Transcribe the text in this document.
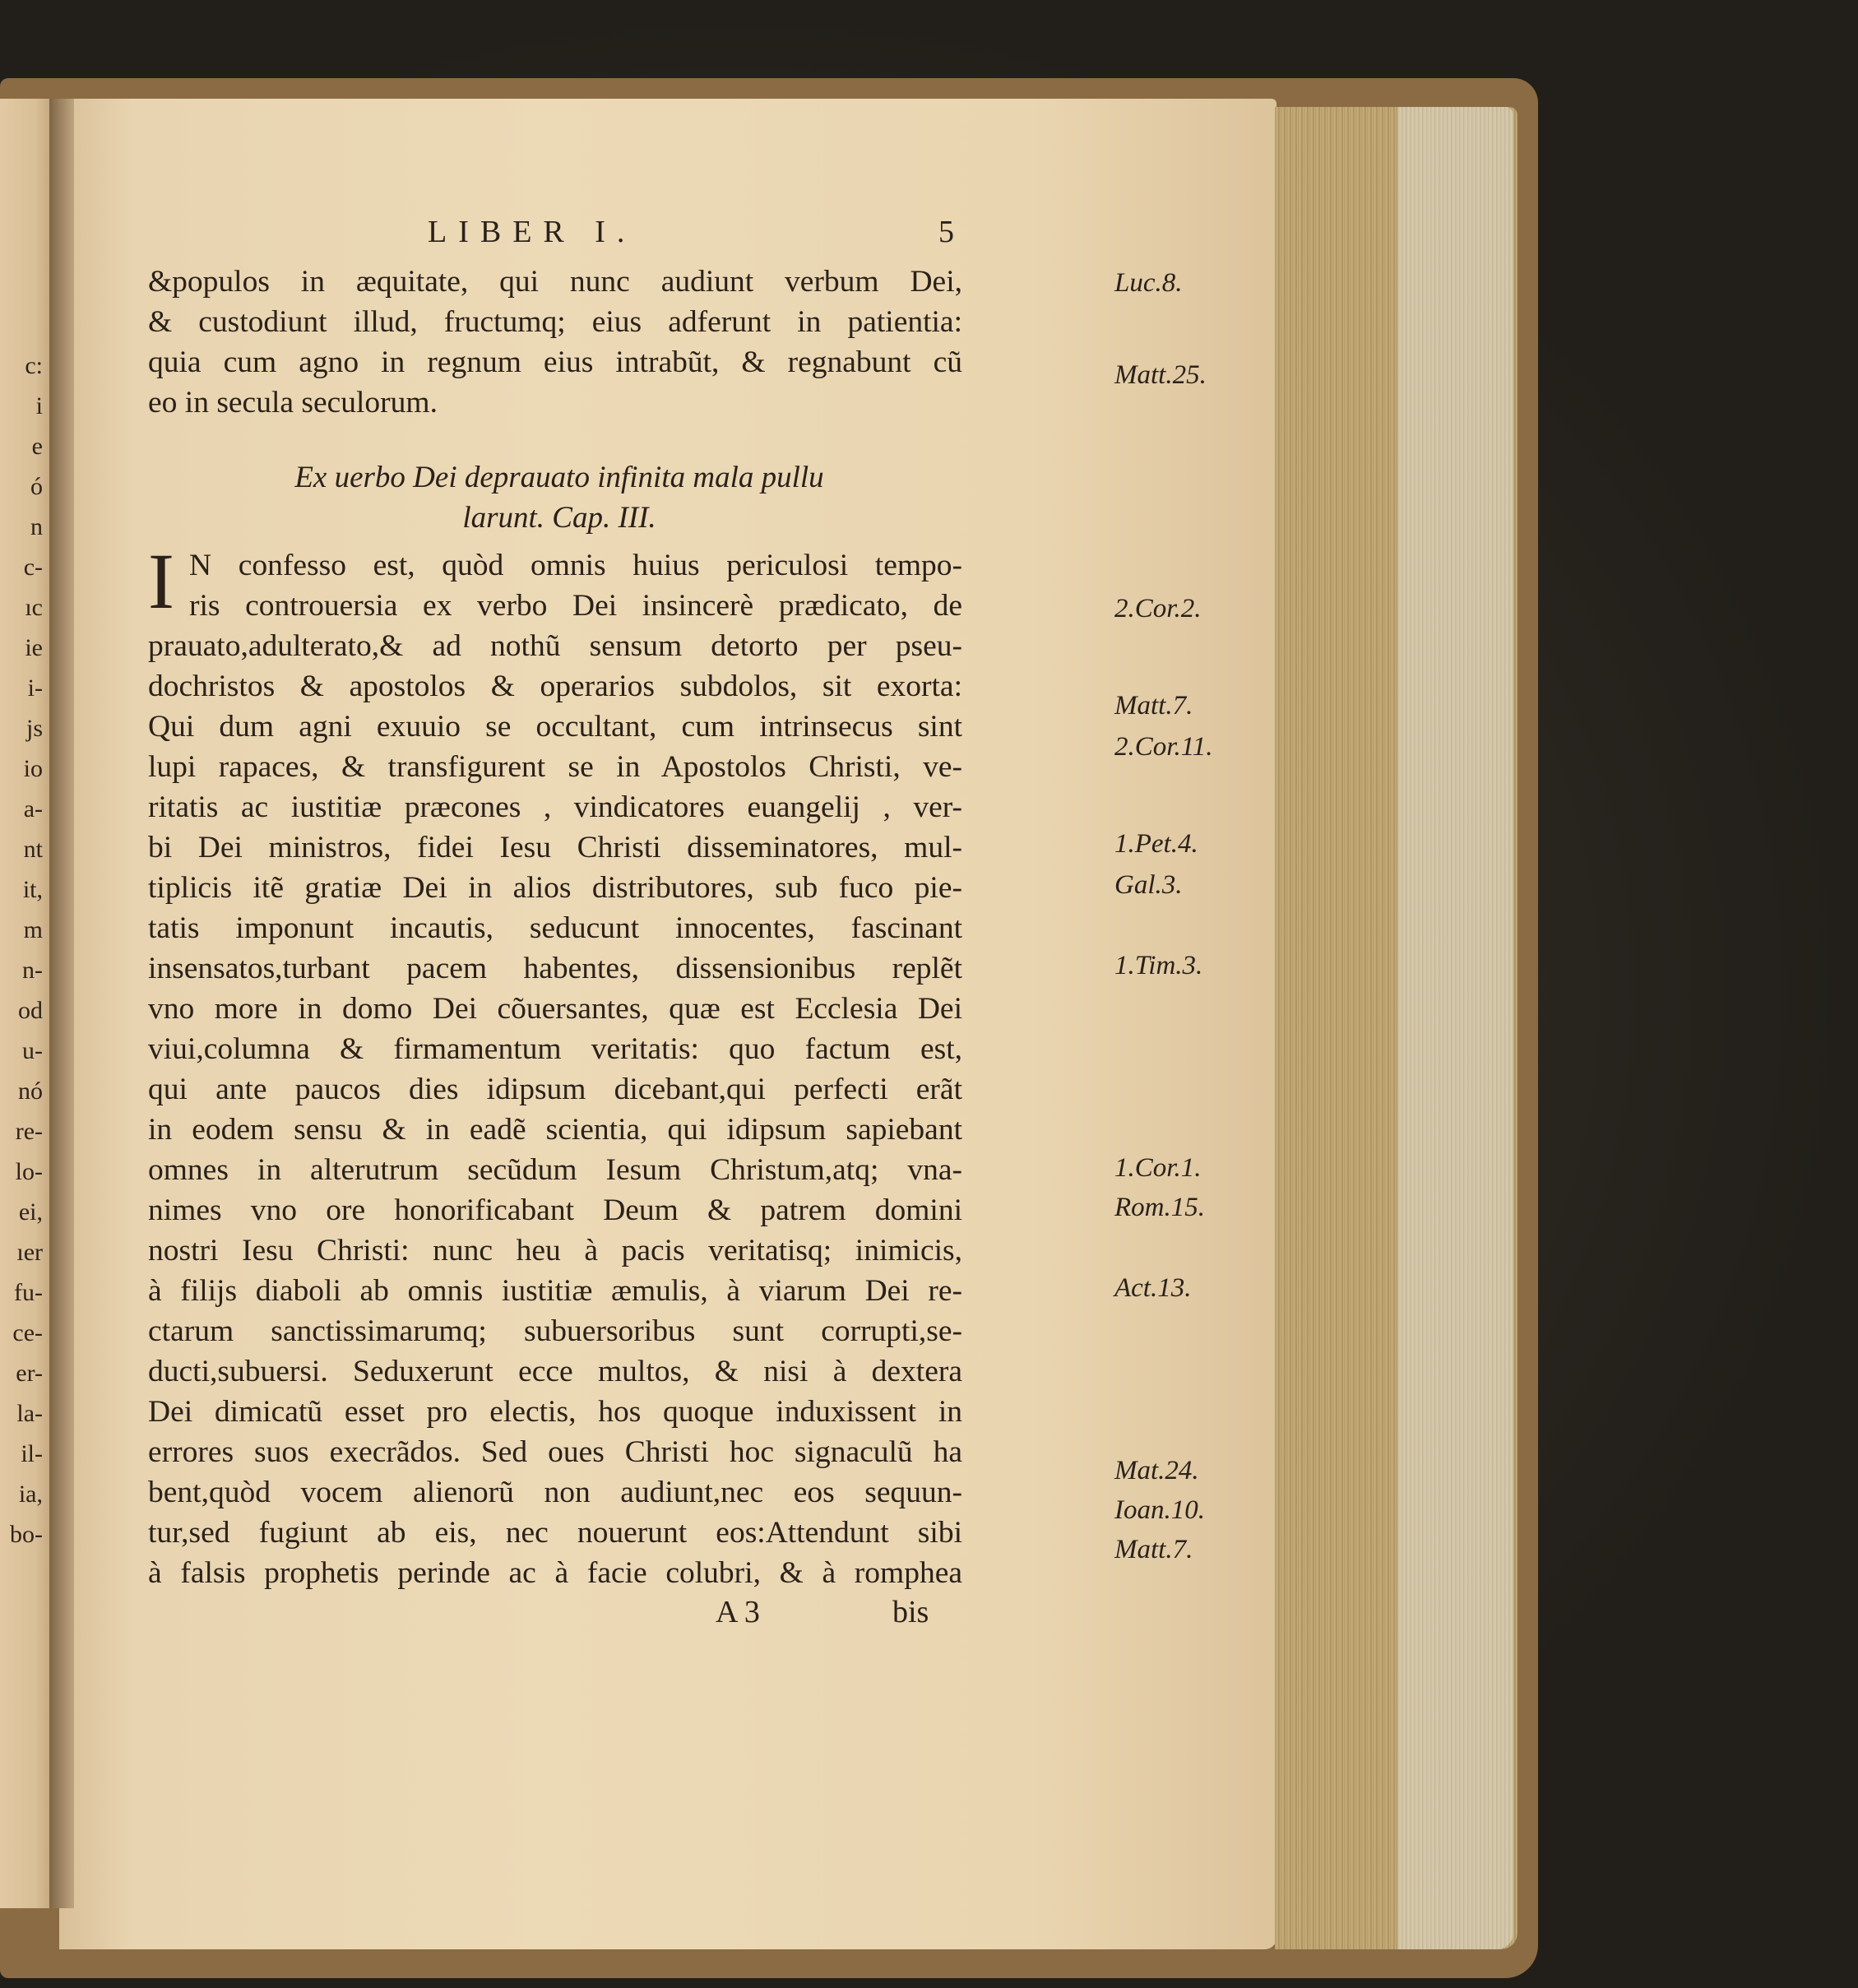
c:
i
e
ó
n
c-
ıc
ie
i-
js
io
a-
nt
it,
m
n-
od
u-
nó
re-
lo-
ei,
ıer
fu-
ce-
er-
la-
il-
ia,
bo-
LIBER I.	5
&populos in æquitate, qui nunc audiunt verbum Dei,
& custodiunt illud, fructumq; eius adferunt in patientia:
quia cum agno in regnum eius intrabũt, & regnabunt cũ
eo in secula seculorum.
Ex uerbo Dei deprauato infinita mala pullu
larunt. Cap. III.
I N confesso est, quòd omnis huius periculosi tempo-
ris controuersia ex verbo Dei insincerè prædicato, de
prauato,adulterato,& ad nothũ sensum detorto per pseu-
dochristos & apostolos & operarios subdolos, sit exorta:
Qui dum agni exuuio se occultant, cum intrinsecus sint
lupi rapaces, & transfigurent se in Apostolos Christi, ve-
ritatis ac iustitiæ præcones , vindicatores euangelij , ver-
bi Dei ministros, fidei Iesu Christi disseminatores, mul-
tiplicis itẽ gratiæ Dei in alios distributores, sub fuco pie-
tatis imponunt incautis, seducunt innocentes, fascinant
insensatos,turbant pacem habentes, dissensionibus replẽt
vno more in domo Dei cõuersantes, quæ est Ecclesia Dei
viui,columna & firmamentum veritatis: quo factum est,
qui ante paucos dies idipsum dicebant,qui perfecti erãt
in eodem sensu & in eadẽ scientia, qui idipsum sapiebant
omnes in alterutrum secũdum Iesum Christum,atq; vna-
nimes vno ore honorificabant Deum & patrem domini
nostri Iesu Christi: nunc heu à pacis veritatisq; inimicis,
à filijs diaboli ab omnis iustitiæ æmulis, à viarum Dei re-
ctarum sanctissimarumq; subuersoribus sunt corrupti,se-
ducti,subuersi. Seduxerunt ecce multos, & nisi à dextera
Dei dimicatũ esset pro electis, hos quoque induxissent in
errores suos execrãdos. Sed oues Christi hoc signaculũ ha
bent,quòd vocem alienorũ non audiunt,nec eos sequun-
tur,sed fugiunt ab eis, nec nouerunt eos:Attendunt sibi
à falsis prophetis perinde ac à facie colubri, & à romphea
A 3	bis
Luc.8.
Matt.25.
2.Cor.2.
Matt.7.
2.Cor.11.
1.Pet.4.
Gal.3.
1.Tim.3.
1.Cor.1.
Rom.15.
Act.13.
Mat.24.
Ioan.10.
Matt.7.
